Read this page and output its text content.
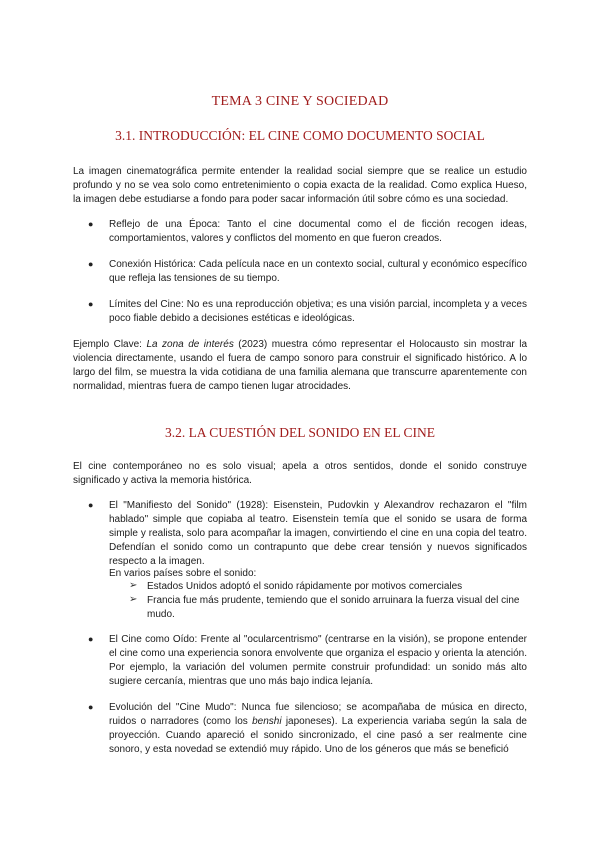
TEMA 3 CINE Y SOCIEDAD
3.1. INTRODUCCIÓN: EL CINE COMO DOCUMENTO SOCIAL
La imagen cinematográfica permite entender la realidad social siempre que se realice un estudio profundo y no se vea solo como entretenimiento o copia exacta de la realidad. Como explica Hueso, la imagen debe estudiarse a fondo para poder sacar información útil sobre cómo es una sociedad.
● Reflejo de una Época: Tanto el cine documental como el de ficción recogen ideas, comportamientos, valores y conflictos del momento en que fueron creados.
● Conexión Histórica: Cada película nace en un contexto social, cultural y económico específico que refleja las tensiones de su tiempo.
● Límites del Cine: No es una reproducción objetiva; es una visión parcial, incompleta y a veces poco fiable debido a decisiones estéticas e ideológicas.
Ejemplo Clave: La zona de interés (2023) muestra cómo representar el Holocausto sin mostrar la violencia directamente, usando el fuera de campo sonoro para construir el significado histórico. A lo largo del film, se muestra la vida cotidiana de una familia alemana que transcurre aparentemente con normalidad, mientras fuera de campo tienen lugar atrocidades.
3.2. LA CUESTIÓN DEL SONIDO EN EL CINE
El cine contemporáneo no es solo visual; apela a otros sentidos, donde el sonido construye significado y activa la memoria histórica.
● El "Manifiesto del Sonido" (1928): Eisenstein, Pudovkin y Alexandrov rechazaron el "film hablado" simple que copiaba al teatro. Eisenstein temía que el sonido se usara de forma simple y realista, solo para acompañar la imagen, convirtiendo el cine en una copia del teatro. Defendían el sonido como un contrapunto que debe crear tensión y nuevos significados respecto a la imagen.
En varios países sobre el sonido:
➢ Estados Unidos adoptó el sonido rápidamente por motivos comerciales
➢ Francia fue más prudente, temiendo que el sonido arruinara la fuerza visual del cine mudo.
● El Cine como Oído: Frente al "ocularcentrismo" (centrarse en la visión), se propone entender el cine como una experiencia sonora envolvente que organiza el espacio y orienta la atención. Por ejemplo, la variación del volumen permite construir profundidad: un sonido más alto sugiere cercanía, mientras que uno más bajo indica lejanía.
● Evolución del "Cine Mudo": Nunca fue silencioso; se acompañaba de música en directo, ruidos o narradores (como los benshi japoneses). La experiencia variaba según la sala de proyección. Cuando apareció el sonido sincronizado, el cine pasó a ser realmente cine sonoro, y esta novedad se extendió muy rápido. Uno de los géneros que más se benefició
